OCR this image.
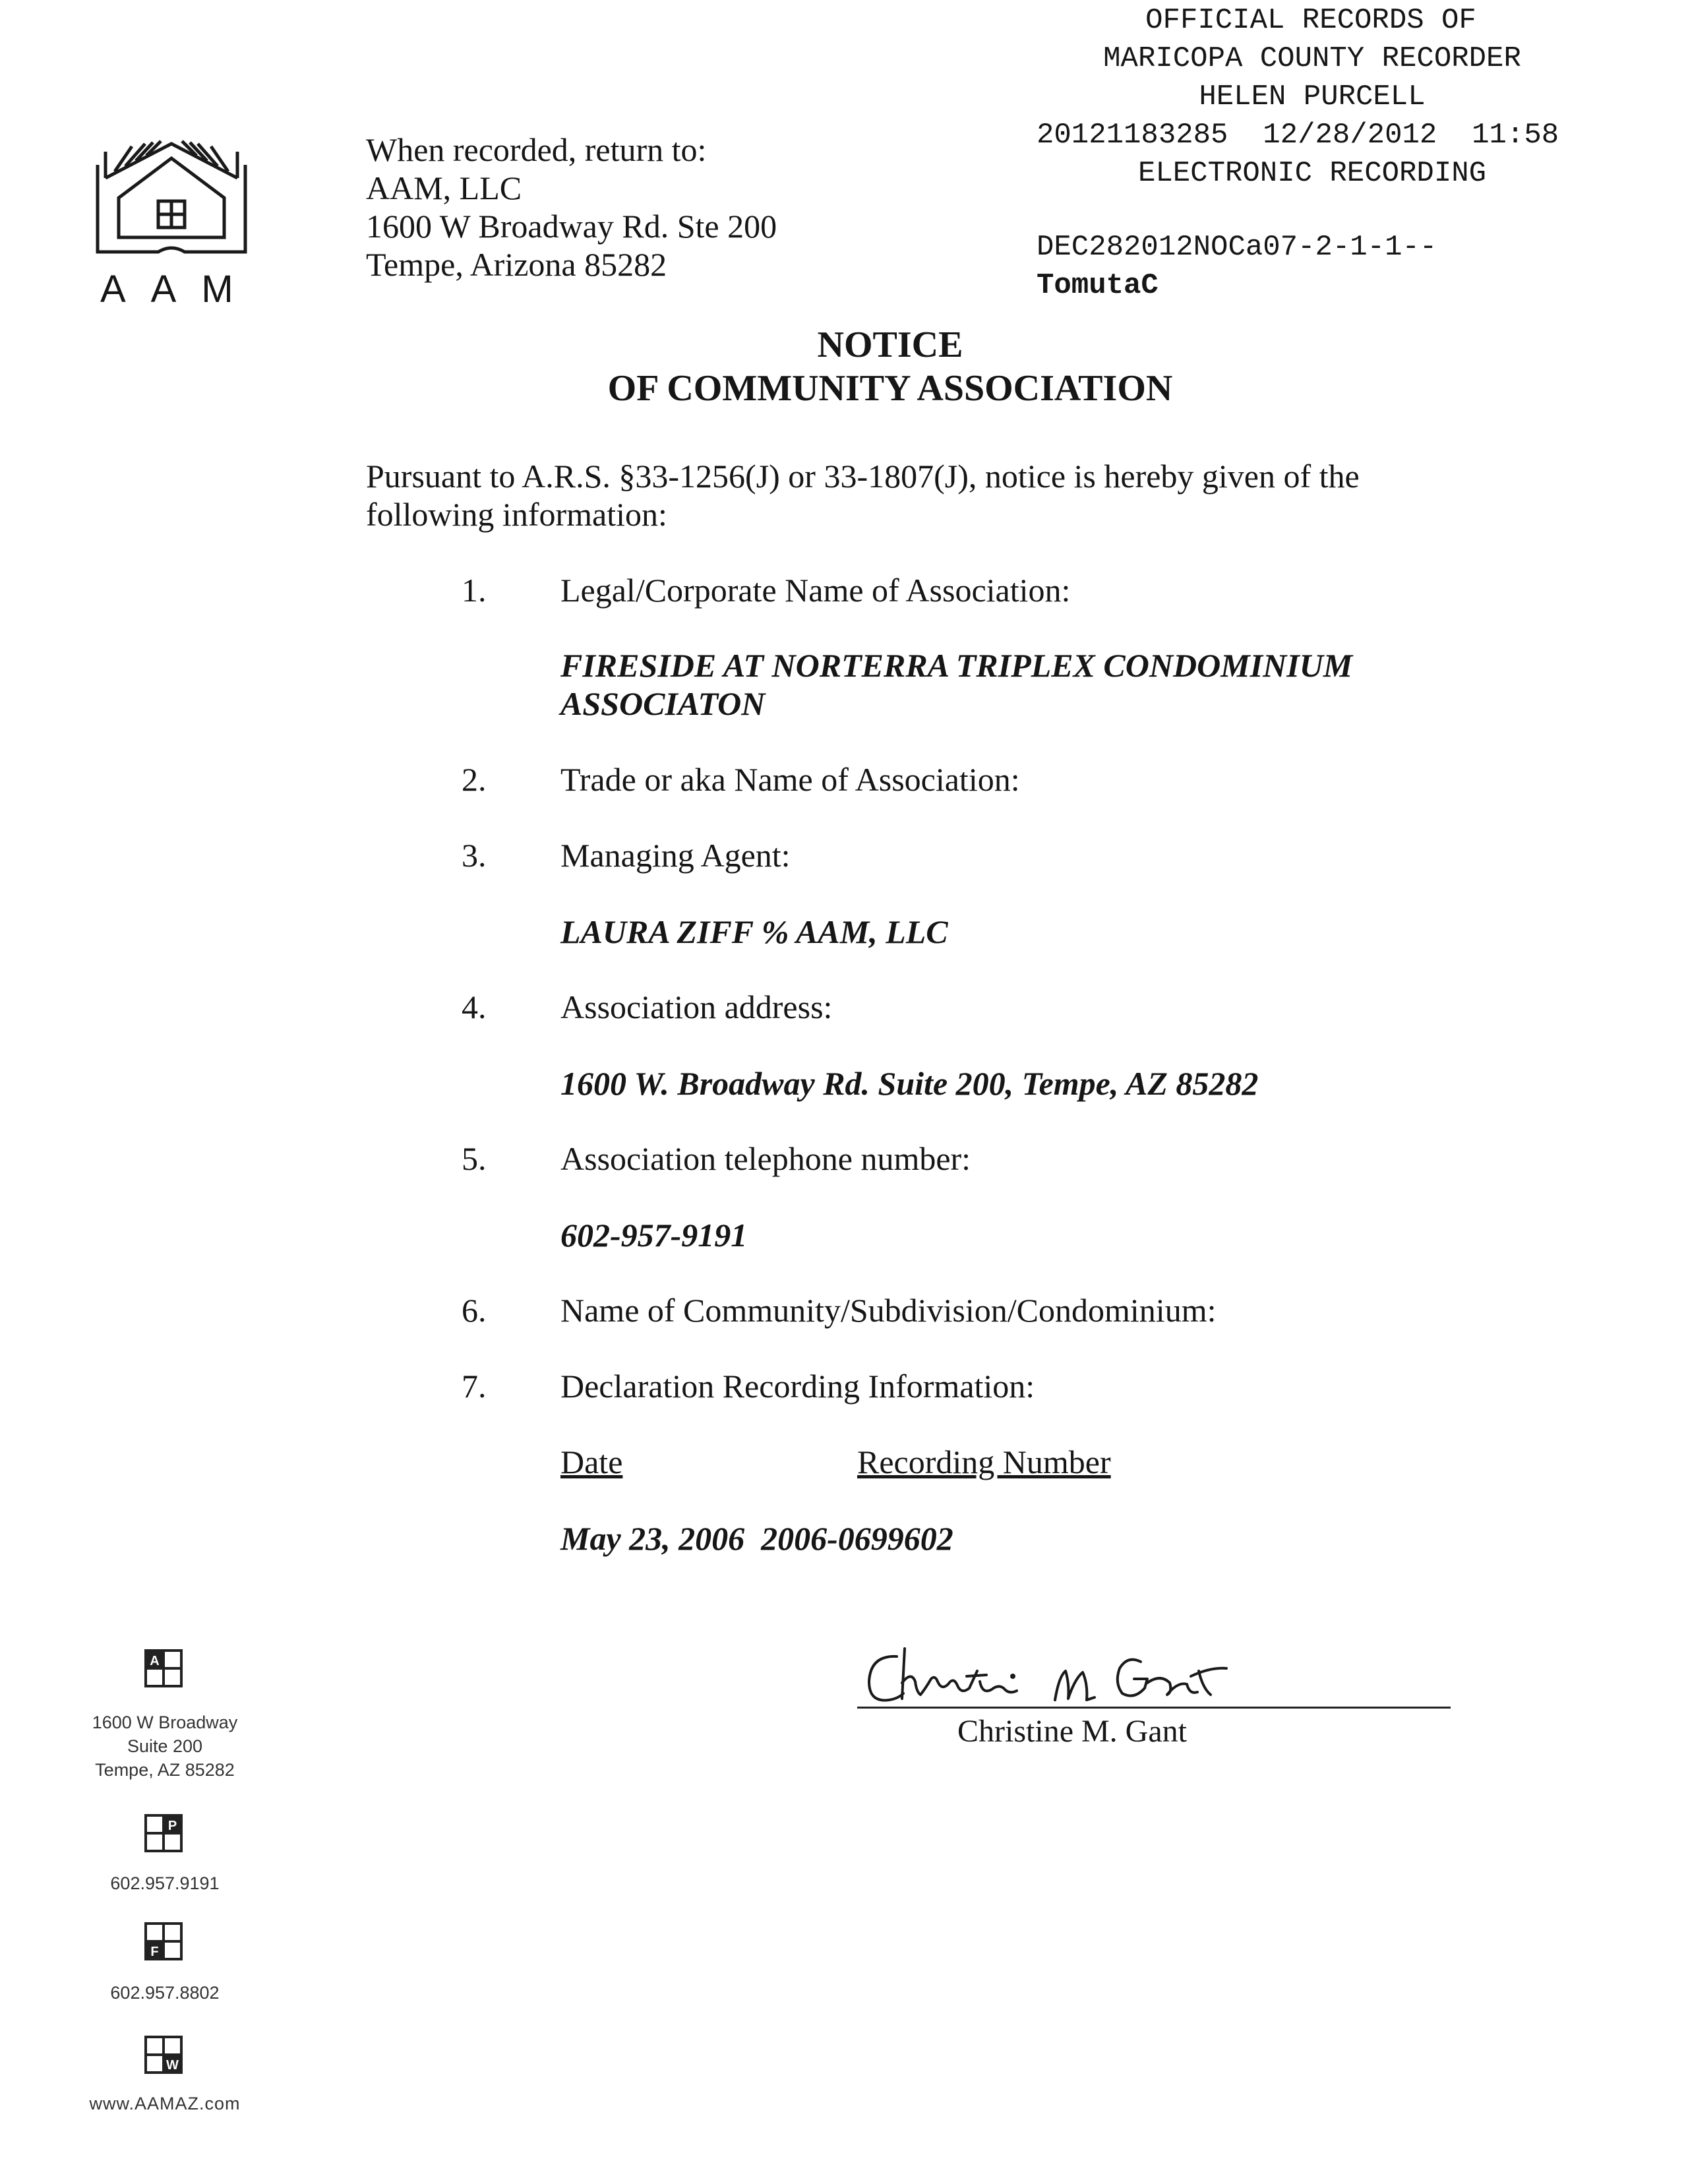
OFFICIAL RECORDS OF
MARICOPA COUNTY RECORDER
HELEN PURCELL
20121183285  12/28/2012  11:58
ELECTRONIC RECORDING
DEC282012NOCa07-2-1-1--
TomutaC
AAM
When recorded, return to:
AAM, LLC
1600 W Broadway Rd. Ste 200
Tempe, Arizona 85282
NOTICE
OF COMMUNITY ASSOCIATION
Pursuant to A.R.S. §33-1256(J) or 33-1807(J), notice is hereby given of the
following information:
1. Legal/Corporate Name of Association:
FIRESIDE AT NORTERRA TRIPLEX CONDOMINIUM
ASSOCIATON
2. Trade or aka Name of Association:
3. Managing Agent:
LAURA ZIFF % AAM, LLC
4. Association address:
1600 W. Broadway Rd. Suite 200, Tempe, AZ 85282
5. Association telephone number:
602-957-9191
6. Name of Community/Subdivision/Condominium:
7. Declaration Recording Information:
Date	Recording Number
May 23, 2006  2006-0699602
Christine M. Gant
A
1600 W Broadway
Suite 200
Tempe, AZ 85282
P
602.957.9191
F
602.957.8802
W
www.AAMAZ.com
